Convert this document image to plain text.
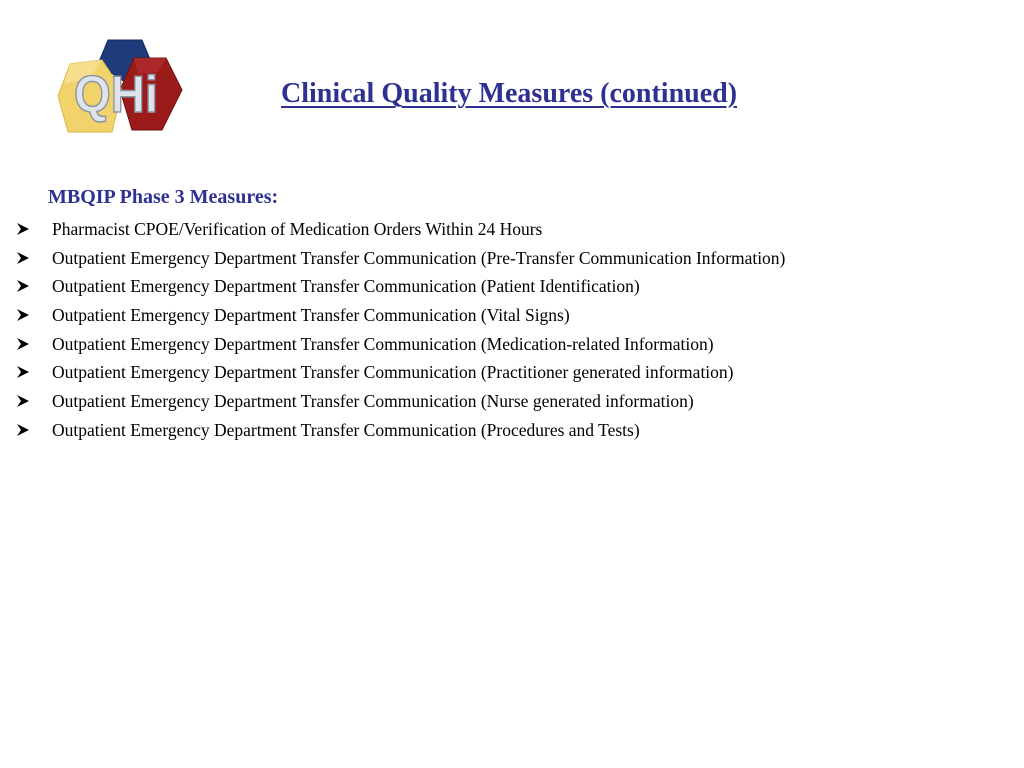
QHi	Clinical Quality Measures (continued)
MBQIP Phase 3 Measures:
Pharmacist CPOE/Verification of Medication Orders Within 24 Hours
Outpatient Emergency Department Transfer Communication (Pre-Transfer Communication Information)
Outpatient Emergency Department Transfer Communication (Patient Identification)
Outpatient Emergency Department Transfer Communication (Vital Signs)
Outpatient Emergency Department Transfer Communication (Medication-related Information)
Outpatient Emergency Department Transfer Communication (Practitioner generated information)
Outpatient Emergency Department Transfer Communication (Nurse generated information)
Outpatient Emergency Department Transfer Communication (Procedures and Tests)
